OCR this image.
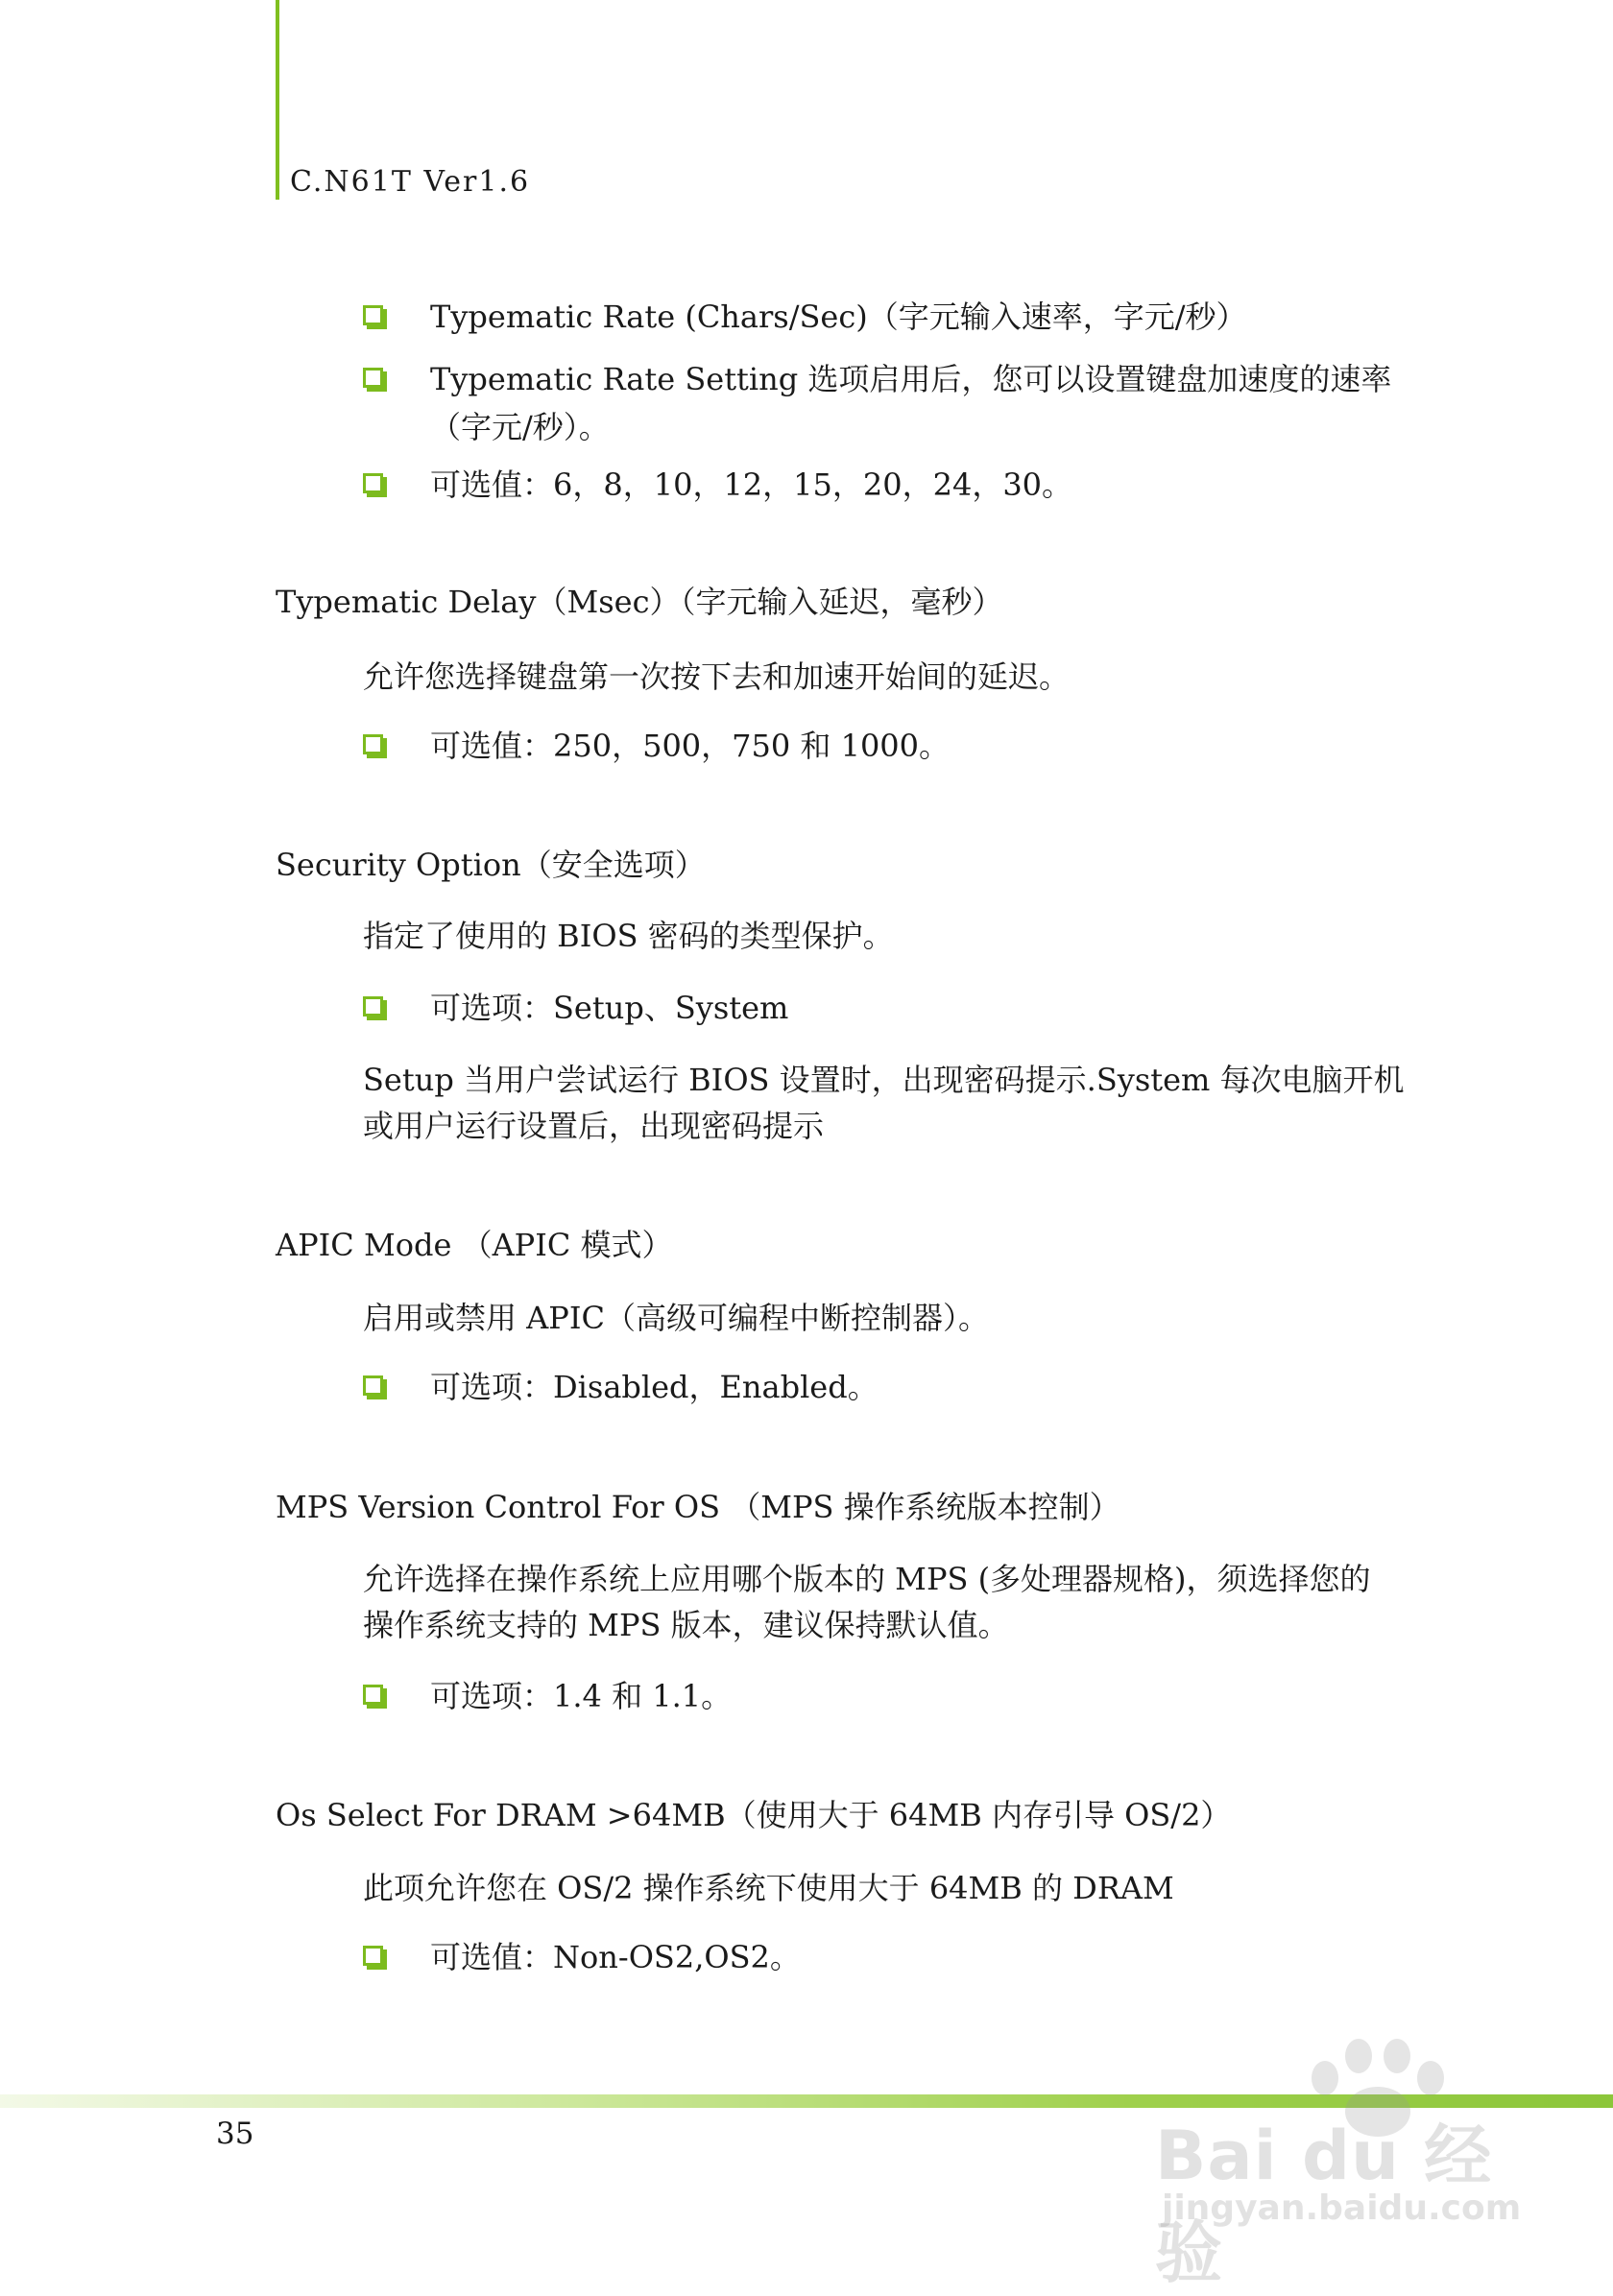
C.N61T Ver1.6
Typematic Rate (Chars/Sec)（字元输入速率，字元/秒）
Typematic Rate Setting 选项启用后，您可以设置键盘加速度的速率（字元/秒）。
可选值：6，8，10，12，15，20，24，30。
Typematic Delay（Msec）（字元输入延迟，毫秒）
允许您选择键盘第一次按下去和加速开始间的延迟。
可选值：250，500，750 和 1000。
Security Option（安全选项）
指定了使用的 BIOS 密码的类型保护。
可选项：Setup、System
Setup 当用户尝试运行 BIOS 设置时，出现密码提示.System 每次电脑开机
或用户运行设置后，出现密码提示
APIC Mode （APIC 模式）
启用或禁用 APIC（高级可编程中断控制器）。
可选项：Disabled，Enabled。
MPS Version Control For OS （MPS 操作系统版本控制）
允许选择在操作系统上应用哪个版本的 MPS (多处理器规格)，须选择您的
操作系统支持的 MPS 版本，建议保持默认值。
可选项：1.4 和 1.1。
Os Select For DRAM >64MB（使用大于 64MB 内存引导 OS/2）
此项允许您在 OS/2 操作系统下使用大于 64MB 的 DRAM
可选值：Non-OS2,OS2。
35	Bai du 经验
jingyan.baidu.com
